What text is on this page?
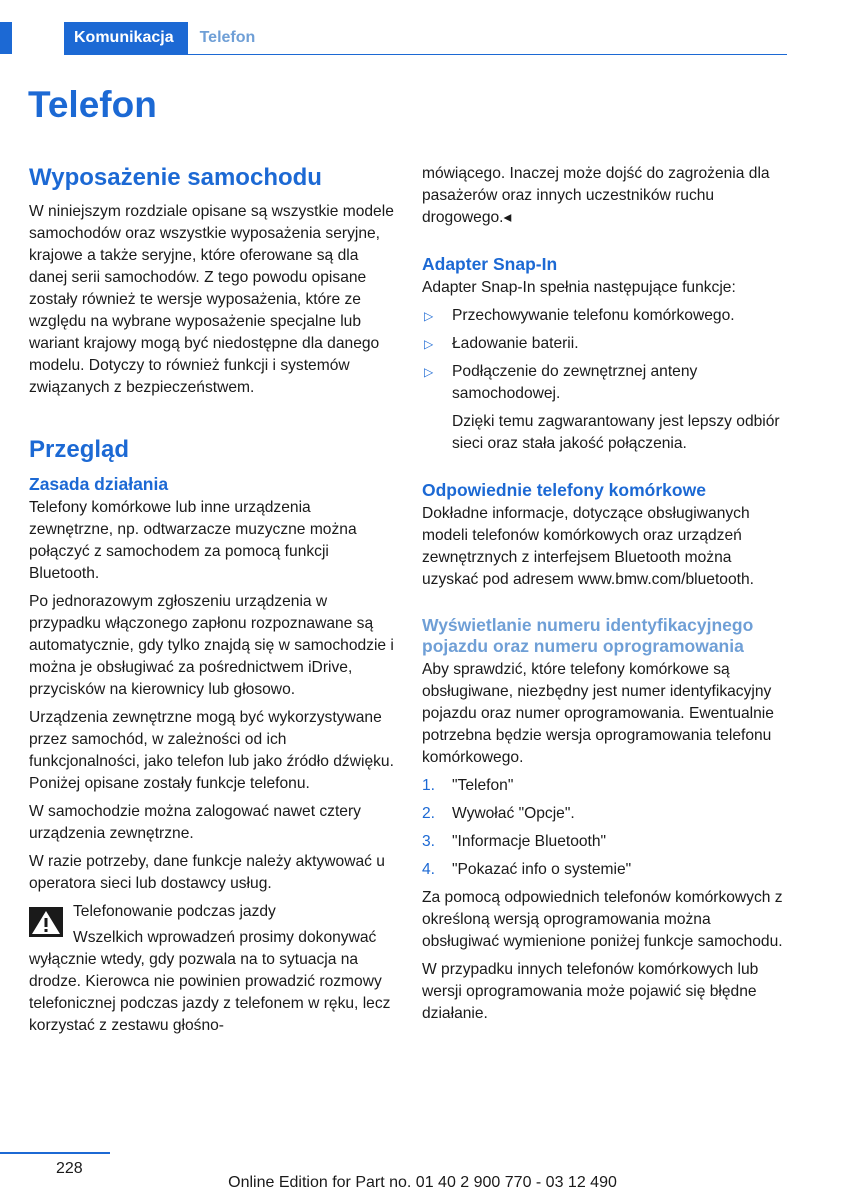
Komunikacja	Telefon
Telefon
Wyposażenie samochodu

W niniejszym rozdziale opisane są wszystkie modele samochodów oraz wszystkie wyposażenia seryjne, krajowe a także seryjne, które oferowane są dla danej serii samochodów. Z tego powodu opisane zostały również te wersje wyposażenia, które ze względu na wybrane wyposażenie specjalne lub wariant krajowy mogą być niedostępne dla danego modelu. Dotyczy to również funkcji i systemów związanych z bezpieczeństwem.

Przegląd
Zasada działania

Telefony komórkowe lub inne urządzenia zewnętrzne, np. odtwarzacze muzyczne można połączyć z samochodem za pomocą funkcji Bluetooth.

Po jednorazowym zgłoszeniu urządzenia w przypadku włączonego zapłonu rozpoznawane są automatycznie, gdy tylko znajdą się w samochodzie i można je obsługiwać za pośrednictwem iDrive, przycisków na kierownicy lub głosowo.

Urządzenia zewnętrzne mogą być wykorzystywane przez samochód, w zależności od ich funkcjonalności, jako telefon lub jako źródło dźwięku. Poniżej opisane zostały funkcje telefonu.

W samochodzie można zalogować nawet cztery urządzenia zewnętrzne.

W razie potrzeby, dane funkcje należy aktywować u operatora sieci lub dostawcy usług.

Telefonowanie podczas jazdy

Wszelkich wprowadzeń prosimy dokonywać wyłącznie wtedy, gdy pozwala na to sytuacja na drodze. Kierowca nie powinien prowadzić rozmowy telefonicznej podczas jazdy z telefonem w ręku, lecz korzystać z zestawu głośno-

mówiącego. Inaczej może dojść do zagrożenia dla pasażerów oraz innych uczestników ruchu drogowego.◂

Adapter Snap-In

Adapter Snap-In spełnia następujące funkcje:

▷ Przechowywanie telefonu komórkowego.
▷ Ładowanie baterii.
▷ Podłączenie do zewnętrznej anteny samochodowej.

Dzięki temu zagwarantowany jest lepszy odbiór sieci oraz stała jakość połączenia.

Odpowiednie telefony komórkowe

Dokładne informacje, dotyczące obsługiwanych modeli telefonów komórkowych oraz urządzeń zewnętrznych z interfejsem Bluetooth można uzyskać pod adresem www.bmw.com/bluetooth.

Wyświetlanie numeru identyfikacyjnego pojazdu oraz numeru oprogramowania

Aby sprawdzić, które telefony komórkowe są obsługiwane, niezbędny jest numer identyfikacyjny pojazdu oraz numer oprogramowania. Ewentualnie potrzebna będzie wersja oprogramowania telefonu komórkowego.

1. "Telefon"
2. Wywołać "Opcje".
3. "Informacje Bluetooth"
4. "Pokazać info o systemie"

Za pomocą odpowiednich telefonów komórkowych z określoną wersją oprogramowania można obsługiwać wymienione poniżej funkcje samochodu.

W przypadku innych telefonów komórkowych lub wersji oprogramowania może pojawić się błędne działanie.

228
Online Edition for Part no. 01 40 2 900 770 - 03 12 490
